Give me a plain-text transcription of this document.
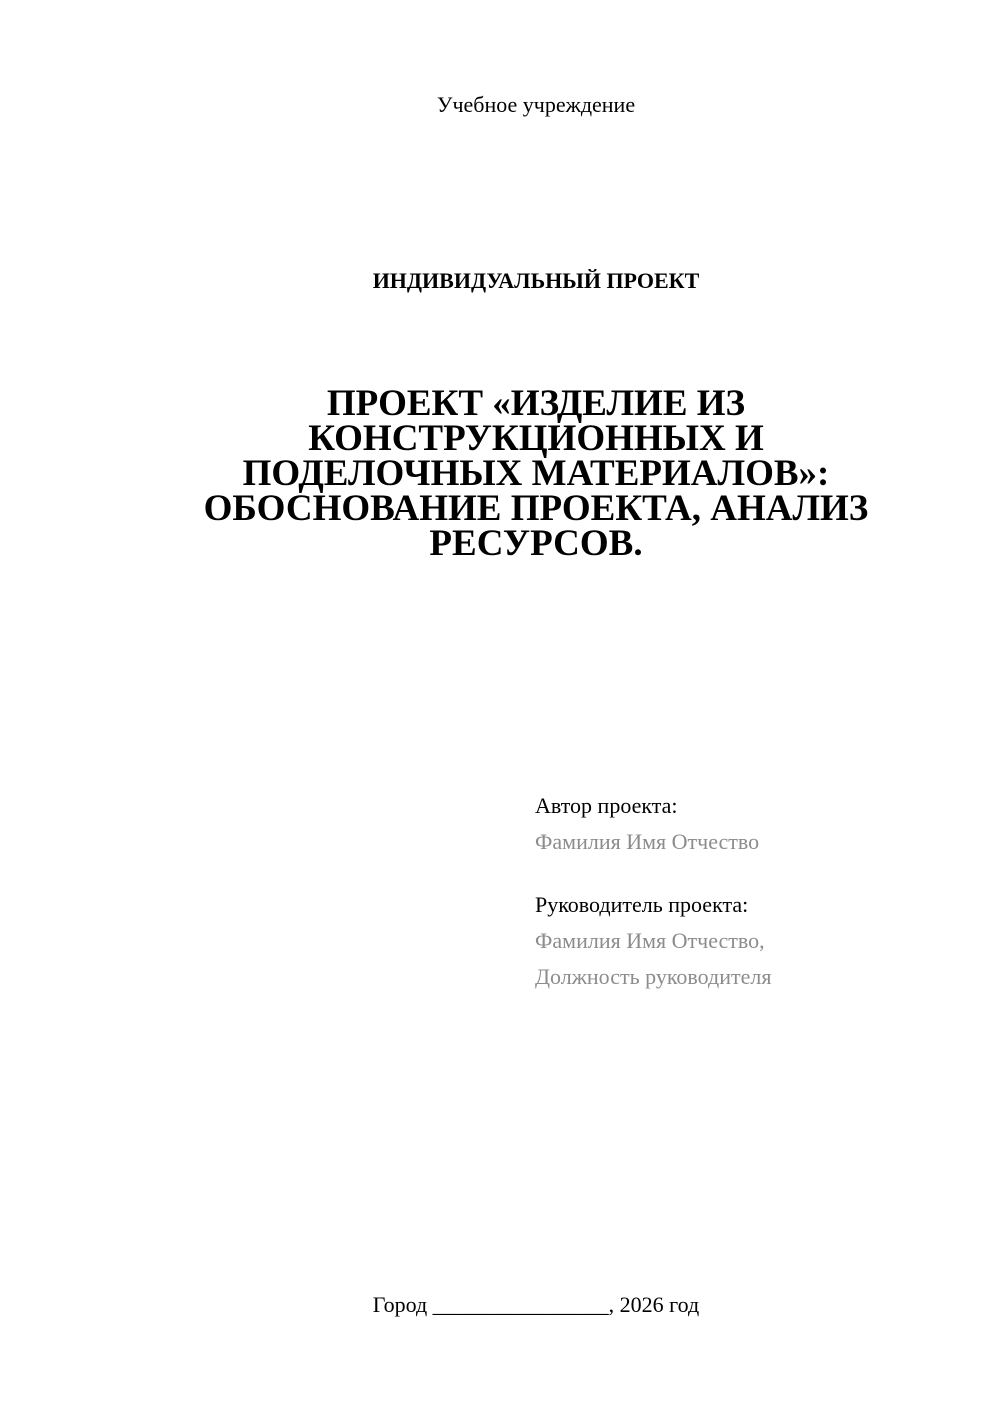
Учебное учреждение
ИНДИВИДУАЛЬНЫЙ ПРОЕКТ
ПРОЕКТ «ИЗДЕЛИЕ ИЗ
КОНСТРУКЦИОННЫХ И
ПОДЕЛОЧНЫХ МАТЕРИАЛОВ»:
ОБОСНОВАНИЕ ПРОЕКТА, АНАЛИЗ
РЕСУРСОВ.
Автор проекта:
Фамилия Имя Отчество
Руководитель проекта:
Фамилия Имя Отчество,
Должность руководителя
Город ________________, 2026 год
